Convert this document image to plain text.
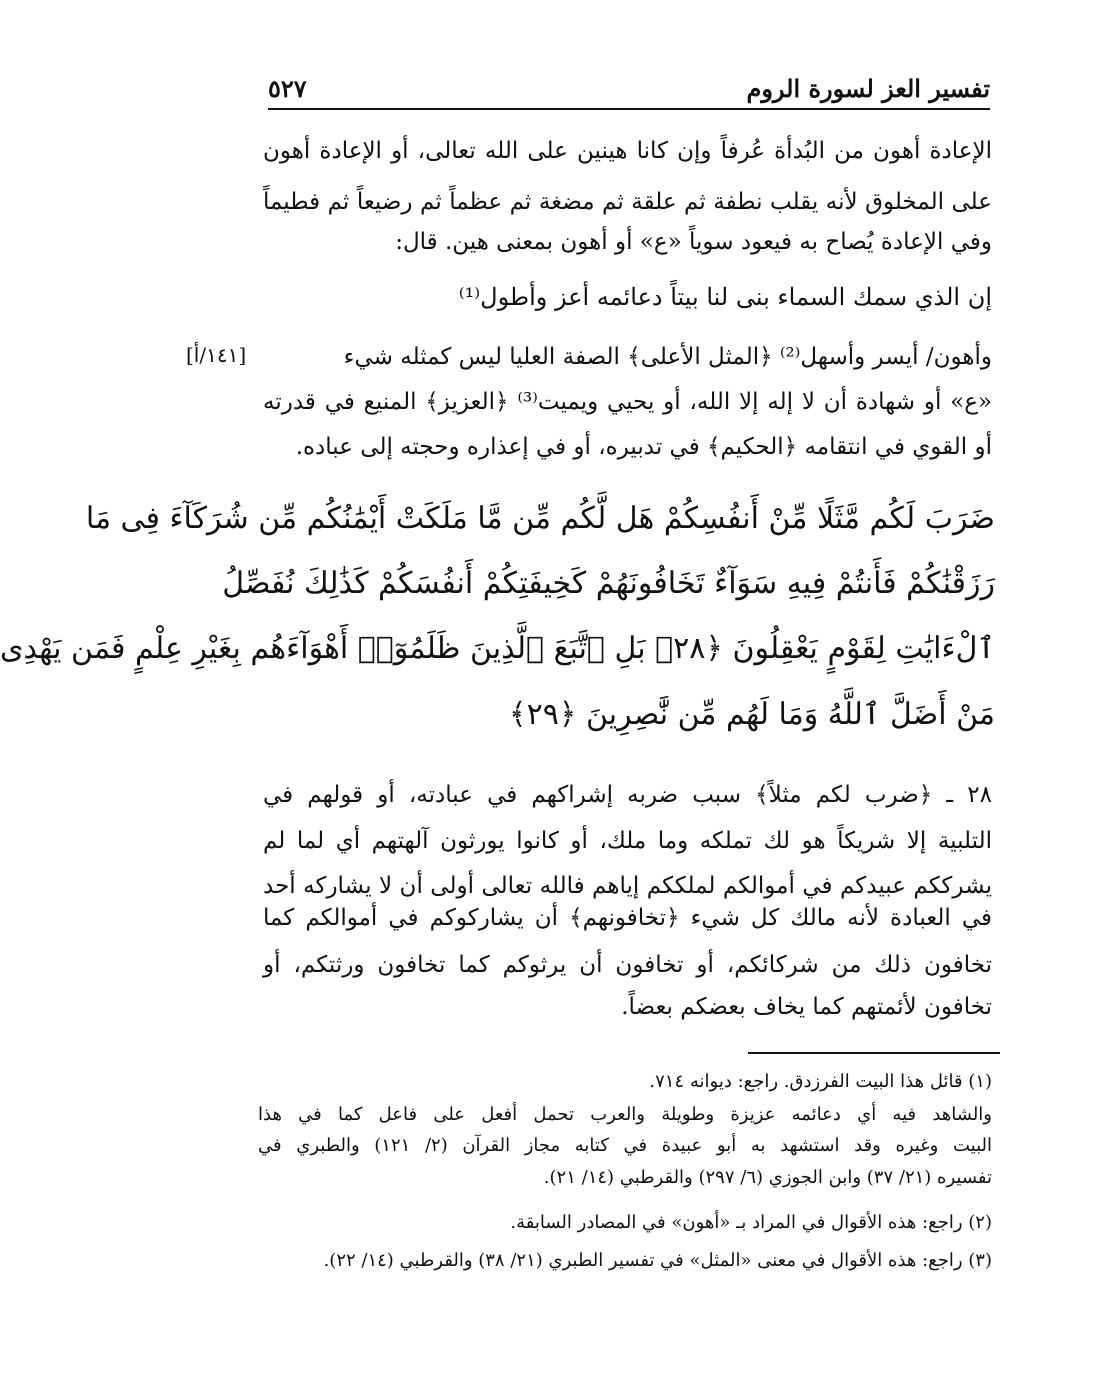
تفسير العز لسورة الروم
٥٢٧
الإعادة أهون من البُدأة عُرفاً وإن كانا هينين على الله تعالى، أو الإعادة أهون
على المخلوق لأنه يقلب نطفة ثم علقة ثم مضغة ثم عظماً ثم رضيعاً ثم فطيماً
وفي الإعادة يُصاح به فيعود سوياً «ع» أو أهون بمعنى هين. قال:
إن الذي سمك السماء بنى لنا بيتاً دعائمه أعز وأطول⁽¹⁾
وأهون/ أيسر وأسهل⁽²⁾ ﴿المثل الأعلى﴾ الصفة العليا ليس كمثله شيء
[١٤١/أ]
«ع» أو شهادة أن لا إله إلا الله، أو يحيي ويميت⁽³⁾ ﴿العزيز﴾ المنيع في قدرته
أو القوي في انتقامه ﴿الحكيم﴾ في تدبيره، أو في إعذاره وحجته إلى عباده.
ضَرَبَ لَكُم مَّثَلًا مِّنْ أَنفُسِكُمْ هَل لَّكُم مِّن مَّا مَلَكَتْ أَيْمَٰنُكُم مِّن شُرَكَآءَ فِى مَا
رَزَقْنَٰكُمْ فَأَنتُمْ فِيهِ سَوَآءٌ تَخَافُونَهُمْ كَخِيفَتِكُمْ أَنفُسَكُمْ كَذَٰلِكَ نُفَصِّلُ
ٱلْءَايَٰتِ لِقَوْمٍ يَعْقِلُونَ ﴿٢٨﴾ بَلِ ٱتَّبَعَ ٱلَّذِينَ ظَلَمُوٓا۟ أَهْوَآءَهُم بِغَيْرِ عِلْمٍ فَمَن يَهْدِى
مَنْ أَضَلَّ ٱللَّهُ وَمَا لَهُم مِّن نَّٰصِرِينَ ﴿٢٩﴾
٢٨ ـ ﴿ضرب لكم مثلاً﴾ سبب ضربه إشراكهم في عبادته، أو قولهم في
التلبية إلا شريكاً هو لك تملكه وما ملك، أو كانوا يورثون آلهتهم أي لما لم
يشرككم عبيدكم في أموالكم لملككم إياهم فالله تعالى أولى أن لا يشاركه أحد
في العبادة لأنه مالك كل شيء ﴿تخافونهم﴾ أن يشاركوكم في أموالكم كما
تخافون ذلك من شركائكم، أو تخافون أن يرثوكم كما تخافون ورثتكم، أو
تخافون لأئمتهم كما يخاف بعضكم بعضاً.
(١) قائل هذا البيت الفرزدق. راجع: ديوانه ٧١٤.
والشاهد فيه أي دعائمه عزيزة وطويلة والعرب تحمل أفعل على فاعل كما في هذا
البيت وغيره وقد استشهد به أبو عبيدة في كتابه مجاز القرآن (٢/ ١٢١) والطبري في
تفسيره (٢١/ ٣٧) وابن الجوزي (٦/ ٢٩٧) والقرطبي (١٤/ ٢١).
(٢) راجع: هذه الأقوال في المراد بـ «أهون» في المصادر السابقة.
(٣) راجع: هذه الأقوال في معنى «المثل» في تفسير الطبري (٢١/ ٣٨) والقرطبي (١٤/ ٢٢).
